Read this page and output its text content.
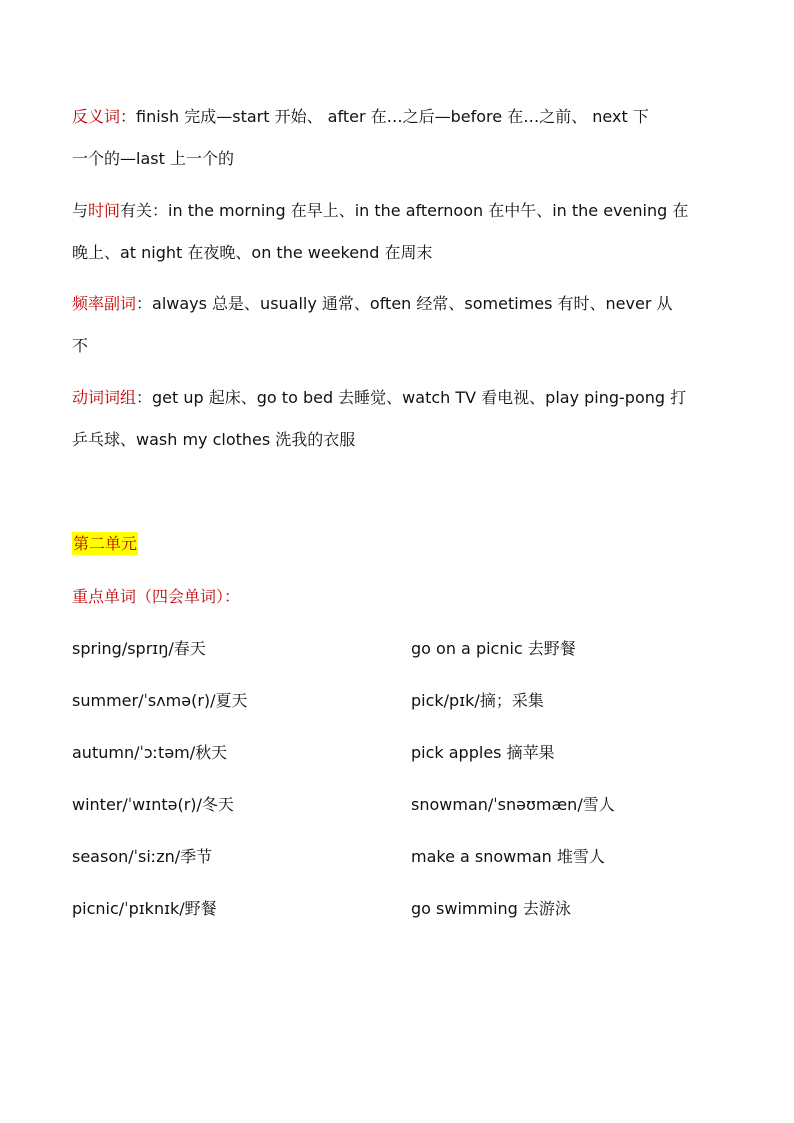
反义词：finish 完成—start 开始、 after 在…之后—before 在…之前、 next 下
一个的—last 上一个的
与时间有关：in the morning 在早上、in the afternoon 在中午、in the evening 在
晚上、at night 在夜晚、on the weekend 在周末
频率副词：always 总是、usually 通常、often 经常、sometimes 有时、never 从
不
动词词组：get up 起床、go to bed 去睡觉、watch TV 看电视、play ping-pong 打
乒乓球、wash my clothes 洗我的衣服
第二单元
重点单词（四会单词）：
spring/sprɪŋ/春天	go on a picnic 去野餐
summer/ˈsʌmə(r)/夏天	pick/pɪk/摘；采集
autumn/ˈɔːtəm/秋天	pick apples 摘苹果
winter/ˈwɪntə(r)/冬天	snowman/ˈsnəʊmæn/雪人
season/ˈsiːzn/季节	make a snowman 堆雪人
picnic/ˈpɪknɪk/野餐	go swimming 去游泳
